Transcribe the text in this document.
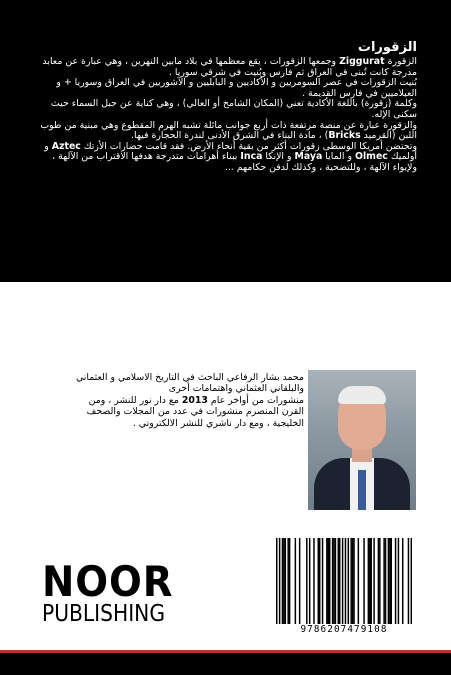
الزقورات

الزقورة Ziggurat وجمعها الزقورات ، يقع معظمها في بلاد مابين النهرين ، وهي عبارة عن معابد مدرجة كانت تُبنى في العراق ثم فارس وبُنيت في شرقي سوريا .

بُنيت الزقورات في عصر السومريين و الأكاديين و البابليين و الآشوريين في العراق وسوريا + و العيلاميين في فارس القديمة .

وكلمة (زقورة) باللغة الأكادية تعني (المكان الشامخ أو العالي) ، وهي كناية عن جبل السماء حيث سكنى الإله.

والزقورة عبارة عن منصة مرتفعة ذات أربع جوانب مائلة تشبه الهرم المقطوع وهي مبنية من طوب اللبن (القرميد Bricks) ، مادة البناء في الشرق الأدنى لندرة الحجارة فيها.

وتحتضن أمريكا الوسطى زقورات أكثر من بقية أنحاء الأرض. فقد قامت حضارات الأزتك Aztec و أولميك Olmec و المايا Maya و الإنكا Inca ببناء أهرامات متدرجة هدفها الاقتراب من الآلهة ، ولإيواء الآلهة ، وللتضحية ، وكذلك لدفن حكامهم ...

محمد بشار الرفاعي الباحث في التاريخ الاسلامي و العثماني والبلقاني العثماني واهتمامات أخرى

منشورات من أواخر عام 2013 مع دار نور للنشر ، ومن القرن المنصرم منشورات في عدد من المجلات والصحف الخليجية ، ومع دار ناشري للنشر الالكتروني .

NOOR
PUBLISHING
9786207479108
